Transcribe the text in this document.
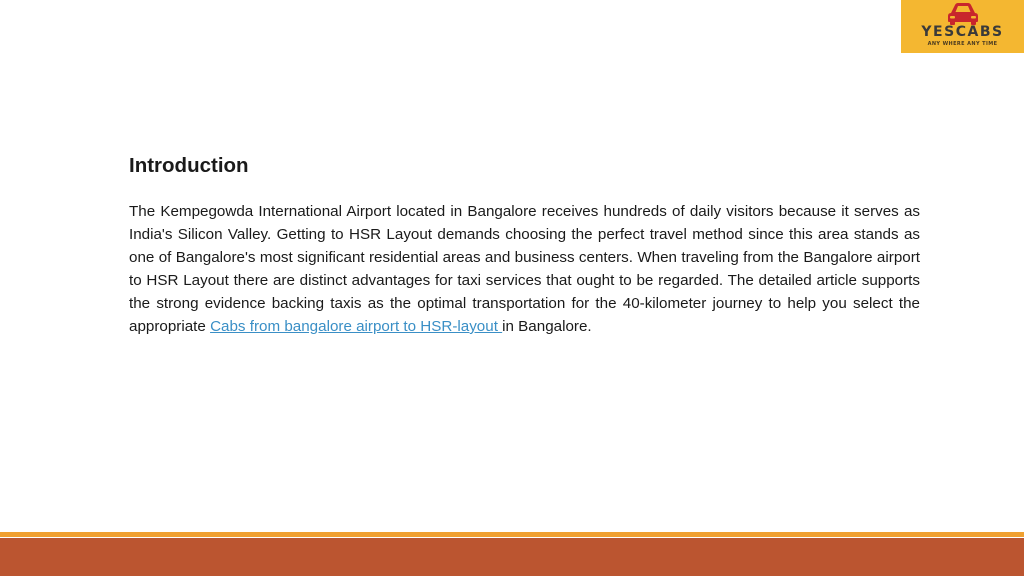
YESCABS
ANY WHERE ANY TIME
Introduction

The Kempegowda International Airport located in Bangalore receives hundreds of daily visitors because it serves as India's Silicon Valley. Getting to HSR Layout demands choosing the perfect travel method since this area stands as one of Bangalore's most significant residential areas and business centers. When traveling from the Bangalore airport to HSR Layout there are distinct advantages for taxi services that ought to be regarded. The detailed article supports the strong evidence backing taxis as the optimal transportation for the 40-kilometer journey to help you select the appropriate Cabs from bangalore airport to HSR-layout in Bangalore.
